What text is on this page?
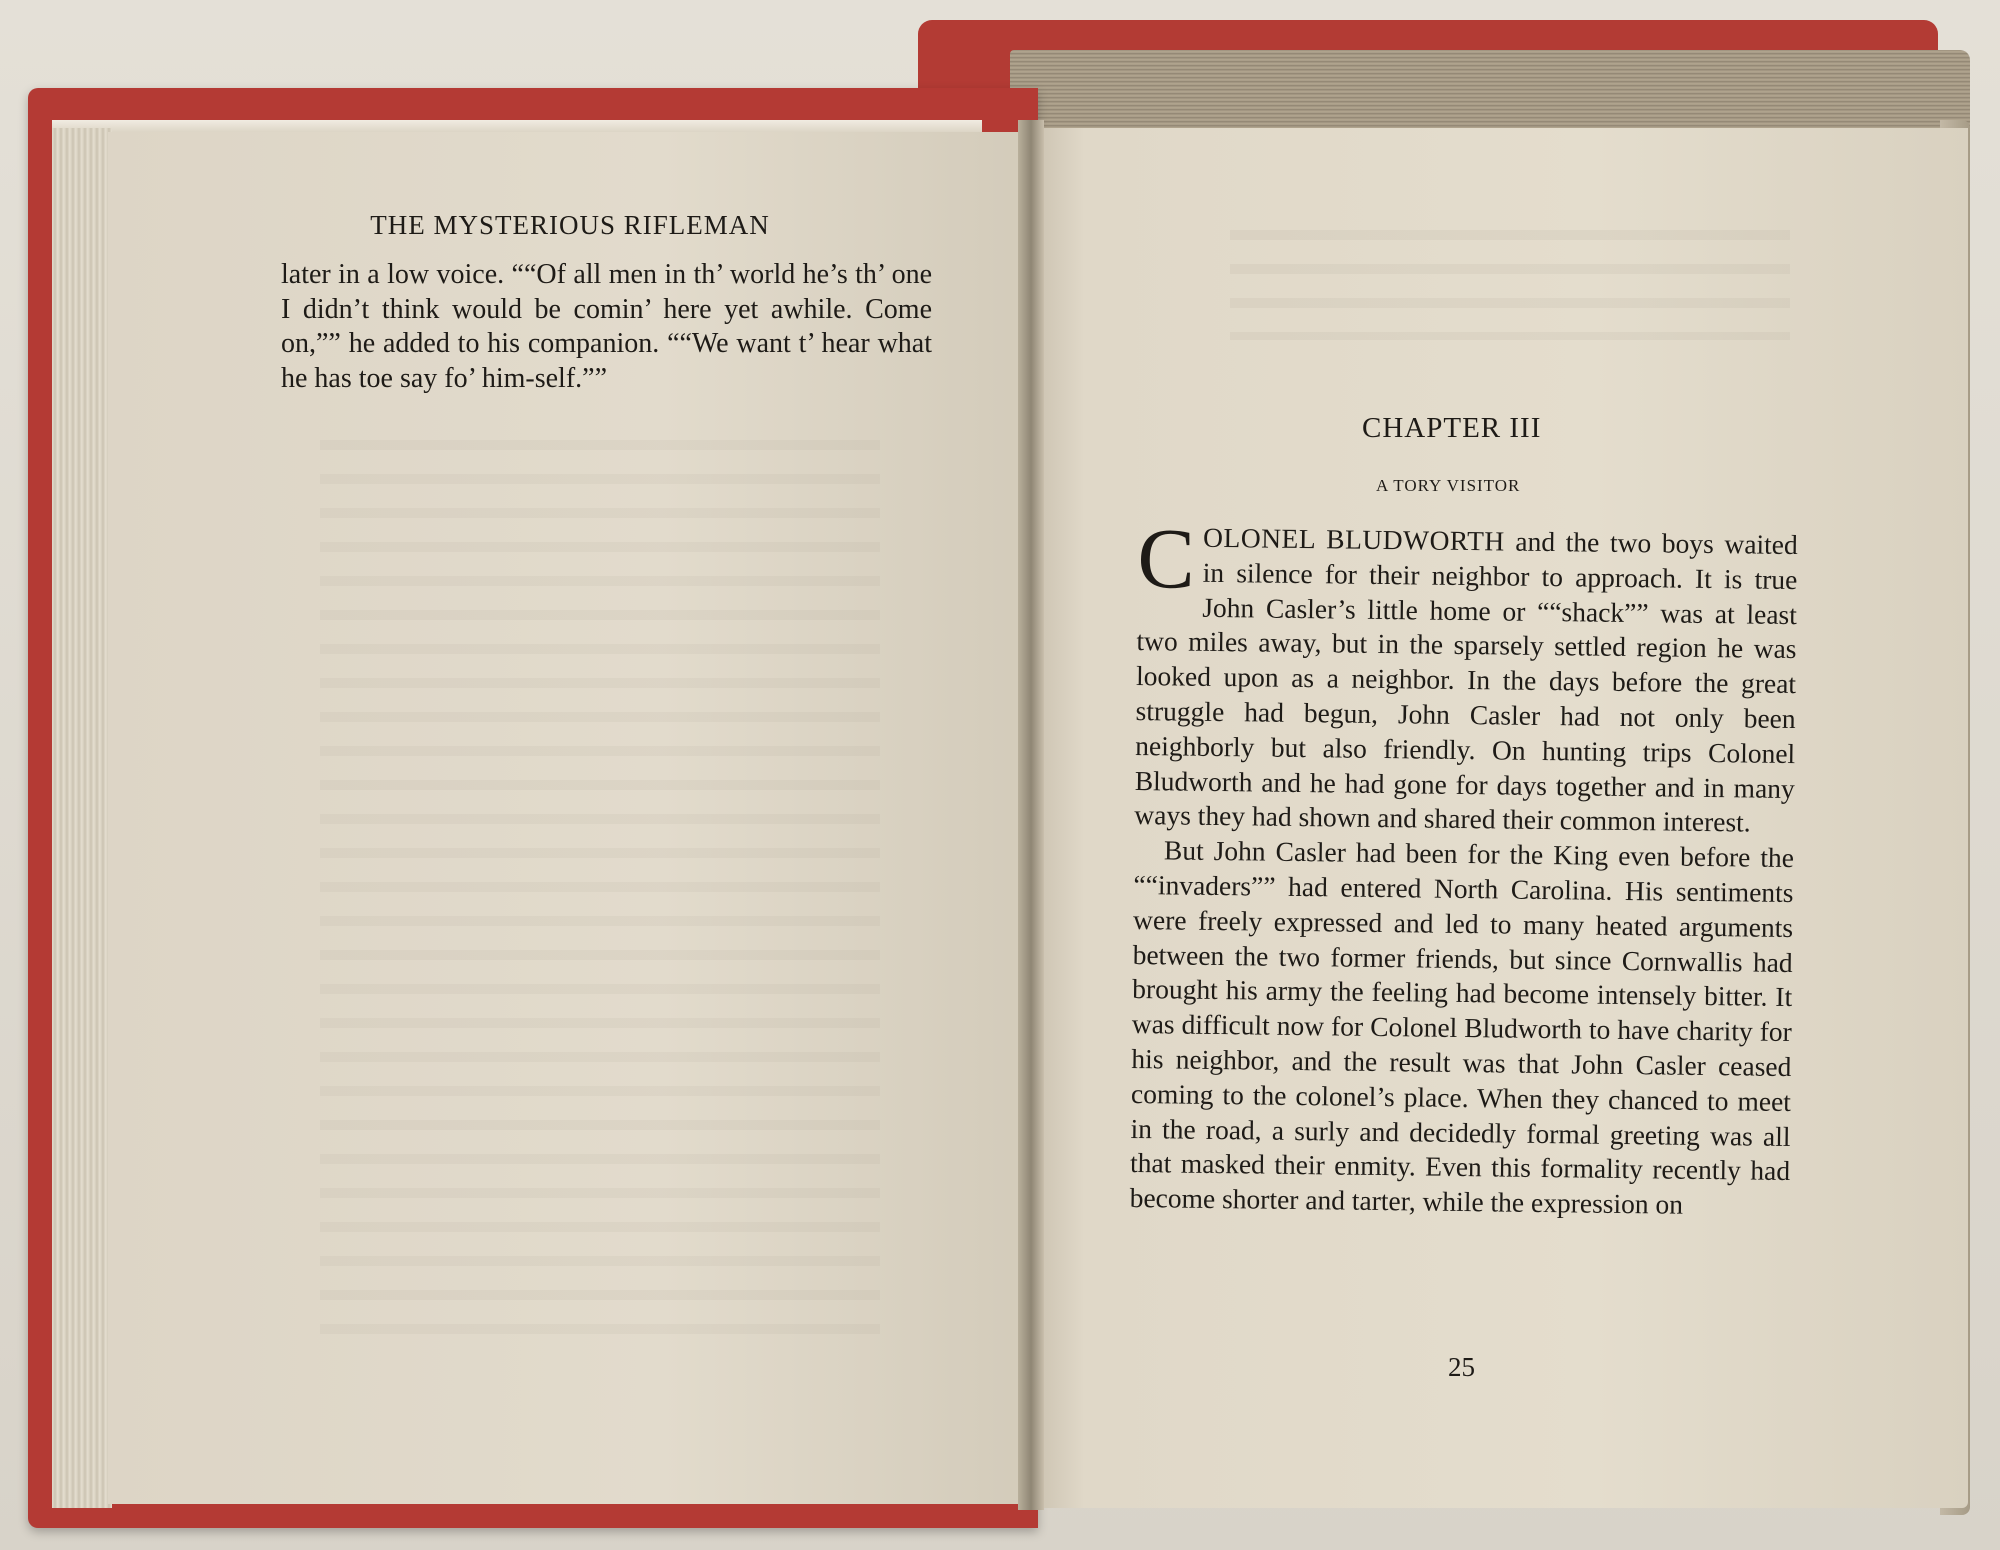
THE MYSTERIOUS RIFLEMAN

later in a low voice. ““Of all men in th’ world he’s th’ one I didn’t think would be comin’ here yet awhile. Come on,”” he added to his companion. ““We want t’ hear what he has toe say fo’ him-self.””

CHAPTER III
A TORY VISITOR

COLONEL BLUDWORTH and the two boys waited in silence for their neighbor to approach. It is true John Casler’s little home or ““shack”” was at least two miles away, but in the sparsely settled region he was looked upon as a neighbor. In the days before the great struggle had begun, John Casler had not only been neighborly but also friendly. On hunting trips Colonel Bludworth and he had gone for days together and in many ways they had shown and shared their common interest.

But John Casler had been for the King even before the ““invaders”” had entered North Carolina. His sentiments were freely expressed and led to many heated arguments between the two former friends, but since Cornwallis had brought his army the feeling had become intensely bitter. It was difficult now for Colonel Bludworth to have charity for his neighbor, and the result was that John Casler ceased coming to the colonel’s place. When they chanced to meet in the road, a surly and decidedly formal greeting was all that masked their enmity. Even this formality recently had become shorter and tarter, while the expression on

25
